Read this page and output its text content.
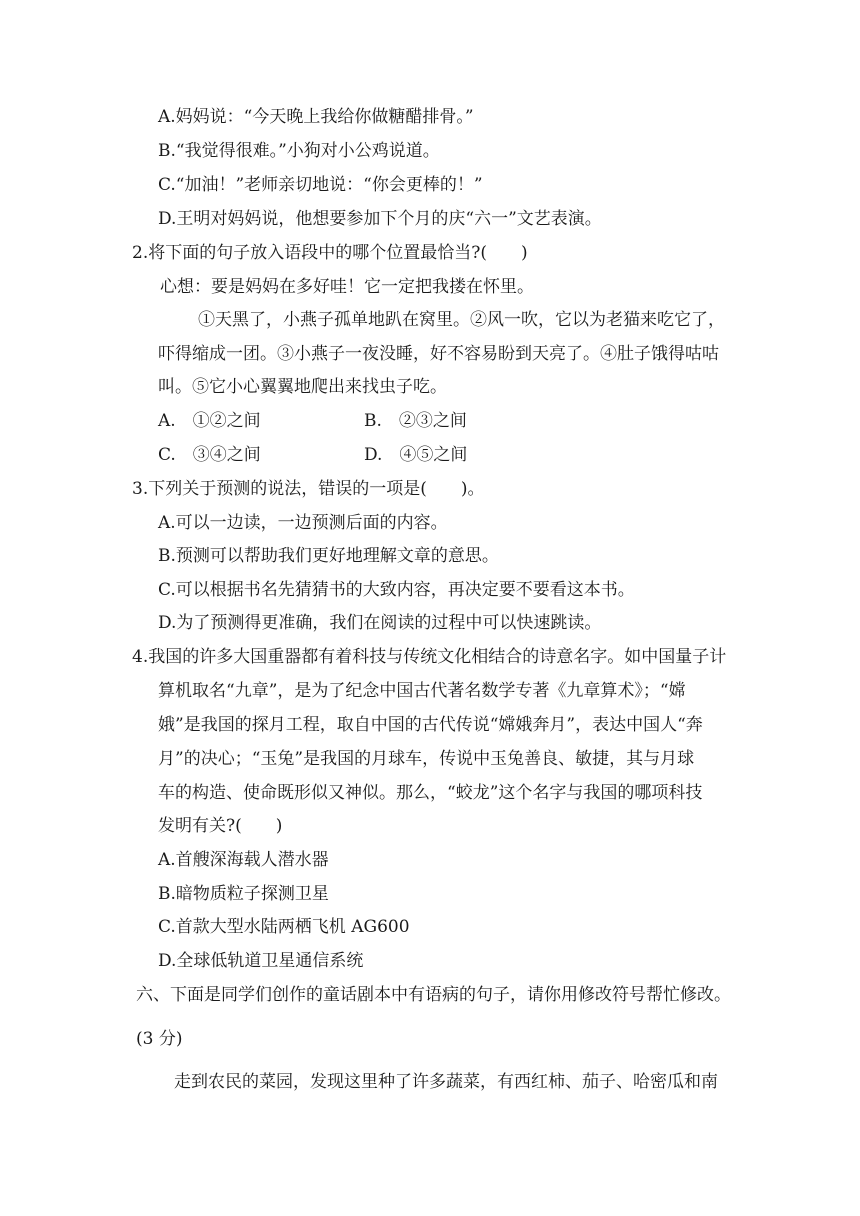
A.妈妈说：“今天晚上我给你做糖醋排骨。”
B.“我觉得很难。”小狗对小公鸡说道。
C.“加油！”老师亲切地说：“你会更棒的！”
D.王明对妈妈说，他想要参加下个月的庆“六一”文艺表演。
2.将下面的句子放入语段中的哪个位置最恰当?(　　)
心想：要是妈妈在多好哇！它一定把我搂在怀里。
①天黑了，小燕子孤单地趴在窝里。②风一吹，它以为老猫来吃它了，
吓得缩成一团。③小燕子一夜没睡，好不容易盼到天亮了。④肚子饿得咕咕
叫。⑤它小心翼翼地爬出来找虫子吃。
A.　①②之间	B.　②③之间
C.　③④之间	D.　④⑤之间
3.下列关于预测的说法，错误的一项是(　　)。
A.可以一边读，一边预测后面的内容。
B.预测可以帮助我们更好地理解文章的意思。
C.可以根据书名先猜猜书的大致内容，再决定要不要看这本书。
D.为了预测得更准确，我们在阅读的过程中可以快速跳读。
4.我国的许多大国重器都有着科技与传统文化相结合的诗意名字。如中国量子计
算机取名“九章”，是为了纪念中国古代著名数学专著《九章算术》；“嫦
娥”是我国的探月工程，取自中国的古代传说“嫦娥奔月”，表达中国人“奔
月”的决心；“玉兔”是我国的月球车，传说中玉兔善良、敏捷，其与月球
车的构造、使命既形似又神似。那么，“蛟龙”这个名字与我国的哪项科技
发明有关?(　　)
A.首艘深海载人潜水器
B.暗物质粒子探测卫星
C.首款大型水陆两栖飞机 AG600
D.全球低轨道卫星通信系统
六、下面是同学们创作的童话剧本中有语病的句子，请你用修改符号帮忙修改。
(3 分)
走到农民的菜园，发现这里种了许多蔬菜，有西红柿、茄子、哈密瓜和南
